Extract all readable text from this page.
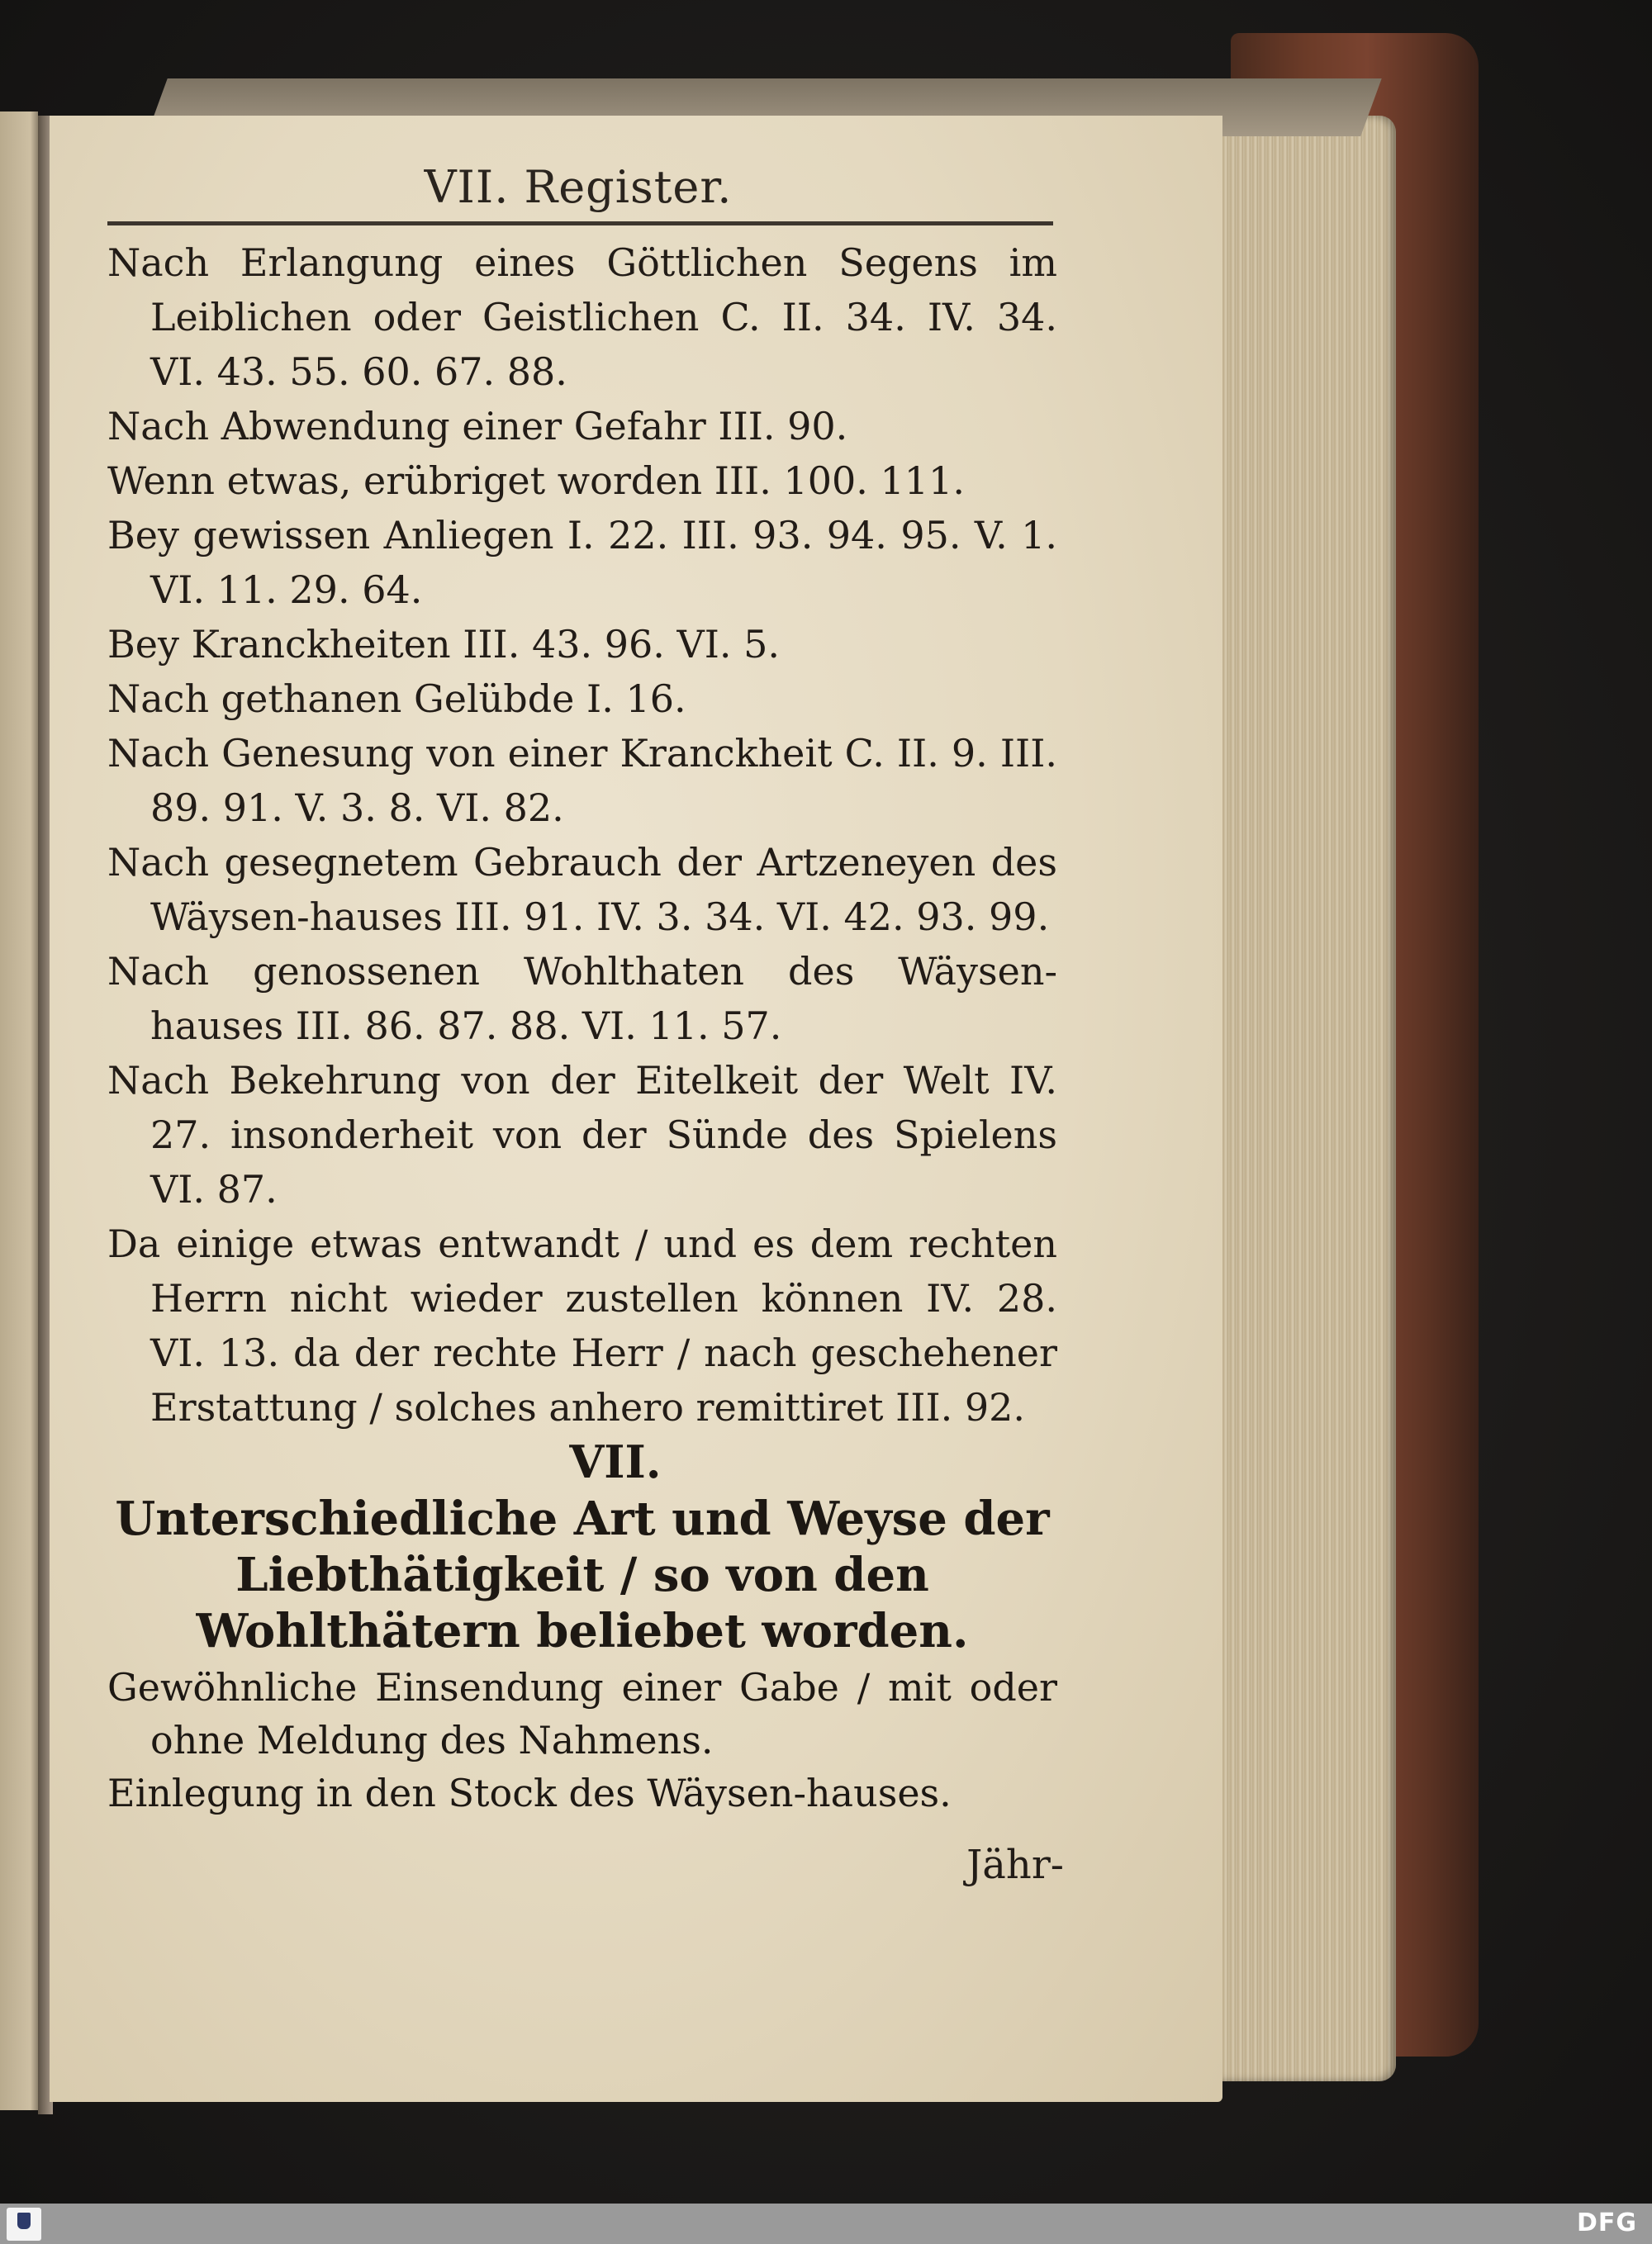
VII. Register.

Nach Erlangung eines Göttlichen Segens im Leiblichen oder Geistlichen C. II. 34. IV. 34. VI. 43. 55. 60. 67. 88.

Nach Abwendung einer Gefahr III. 90.

Wenn etwas, erübriget worden III. 100. 111.

Bey gewissen Anliegen I. 22. III. 93. 94. 95. V. 1. VI. 11. 29. 64.

Bey Kranckheiten III. 43. 96. VI. 5.

Nach gethanen Gelübde I. 16.

Nach Genesung von einer Kranckheit C. II. 9. III. 89. 91. V. 3. 8. VI. 82.

Nach gesegnetem Gebrauch der Artzeneyen des Wäysen-hauses III. 91. IV. 3. 34. VI. 42. 93. 99.

Nach genossenen Wohlthaten des Wäysen-hauses III. 86. 87. 88. VI. 11. 57.

Nach Bekehrung von der Eitelkeit der Welt IV. 27. insonderheit von der Sünde des Spielens VI. 87.

Da einige etwas entwandt / und es dem rechten Herrn nicht wieder zustellen können IV. 28. VI. 13. da der rechte Herr / nach geschehener Erstattung / solches anhero remittiret III. 92.

VII.

Unterschiedliche Art und Weyse der Liebthätigkeit / so von den Wohlthätern beliebet worden.

Gewöhnliche Einsendung einer Gabe / mit oder ohne Meldung des Nahmens.

Einlegung in den Stock des Wäysen-hauses.

Jähr-
DFG
